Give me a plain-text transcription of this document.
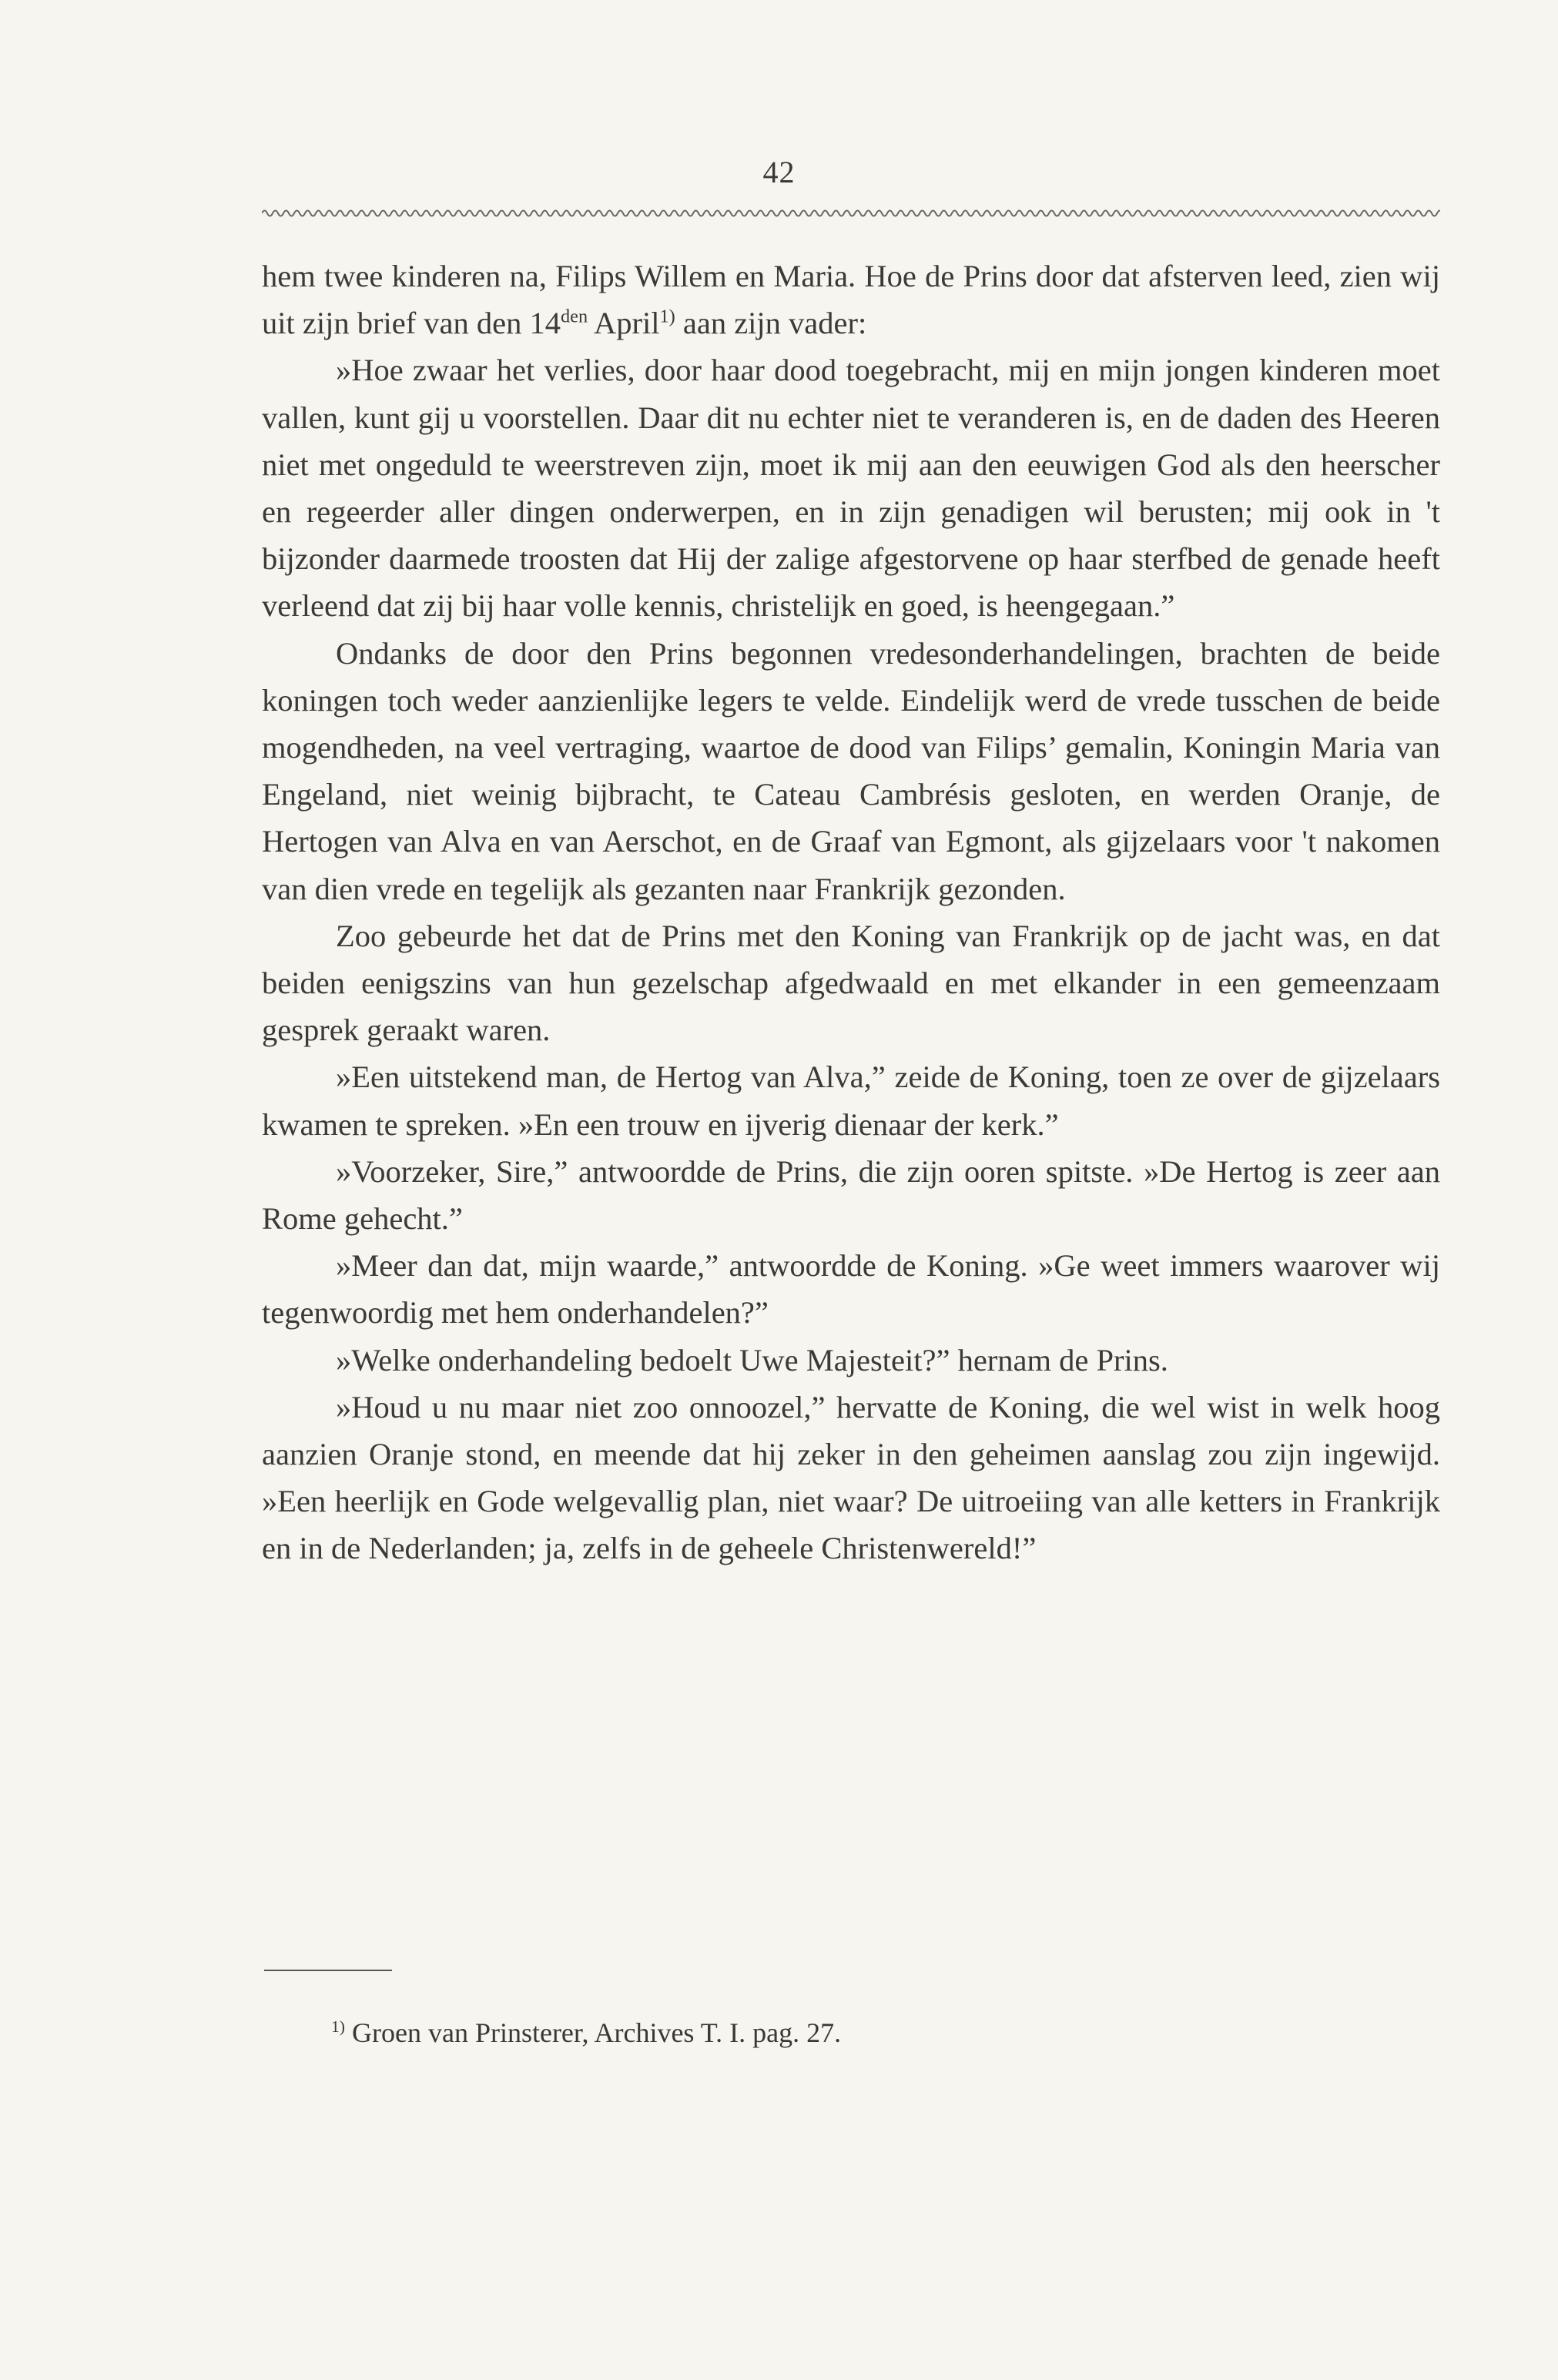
42

hem twee kinderen na, Filips Willem en Maria. Hoe de Prins door dat afsterven leed, zien wij uit zijn brief van den $14^{den}$ April$^{1)}$ aan zijn vader:

»Hoe zwaar het verlies, door haar dood toegebracht, mij en mijn jongen kinderen moet vallen, kunt gij u voorstellen. Daar dit nu echter niet te veranderen is, en de daden des Heeren niet met ongeduld te weerstreven zijn, moet ik mij aan den eeuwigen God als den heerscher en regeerder aller dingen onderwerpen, en in zijn genadigen wil berusten; mij ook in 't bijzonder daarmede troosten dat Hij der zalige afgestorvene op haar sterfbed de genade heeft verleend dat zij bij haar volle kennis, christelijk en goed, is heengegaan.”

Ondanks de door den Prins begonnen vredesonderhandelingen, brachten de beide koningen toch weder aanzienlijke legers te velde. Eindelijk werd de vrede tusschen de beide mogendheden, na veel vertraging, waartoe de dood van Filips’ gemalin, Koningin Maria van Engeland, niet weinig bijbracht, te Cateau Cambrésis gesloten, en werden Oranje, de Hertogen van Alva en van Aerschot, en de Graaf van Egmont, als gijzelaars voor 't nakomen van dien vrede en tegelijk als gezanten naar Frankrijk gezonden.

Zoo gebeurde het dat de Prins met den Koning van Frankrijk op de jacht was, en dat beiden eenigszins van hun gezelschap afgedwaald en met elkander in een gemeenzaam gesprek geraakt waren.

»Een uitstekend man, de Hertog van Alva,” zeide de Koning, toen ze over de gijzelaars kwamen te spreken. »En een trouw en ijverig dienaar der kerk.”

»Voorzeker, Sire,” antwoordde de Prins, die zijn ooren spitste. »De Hertog is zeer aan Rome gehecht.”

»Meer dan dat, mijn waarde,” antwoordde de Koning. »Ge weet immers waarover wij tegenwoordig met hem onderhandelen?”

»Welke onderhandeling bedoelt Uwe Majesteit?” hernam de Prins.

»Houd u nu maar niet zoo onnoozel,” hervatte de Koning, die wel wist in welk hoog aanzien Oranje stond, en meende dat hij zeker in den geheimen aanslag zou zijn ingewijd. »Een heerlijk en Gode welgevallig plan, niet waar? De uitroeiing van alle ketters in Frankrijk en in de Nederlanden; ja, zelfs in de geheele Christenwereld!”

$^{1)}$ Groen van Prinsterer, Archives T. I. pag. 27.
